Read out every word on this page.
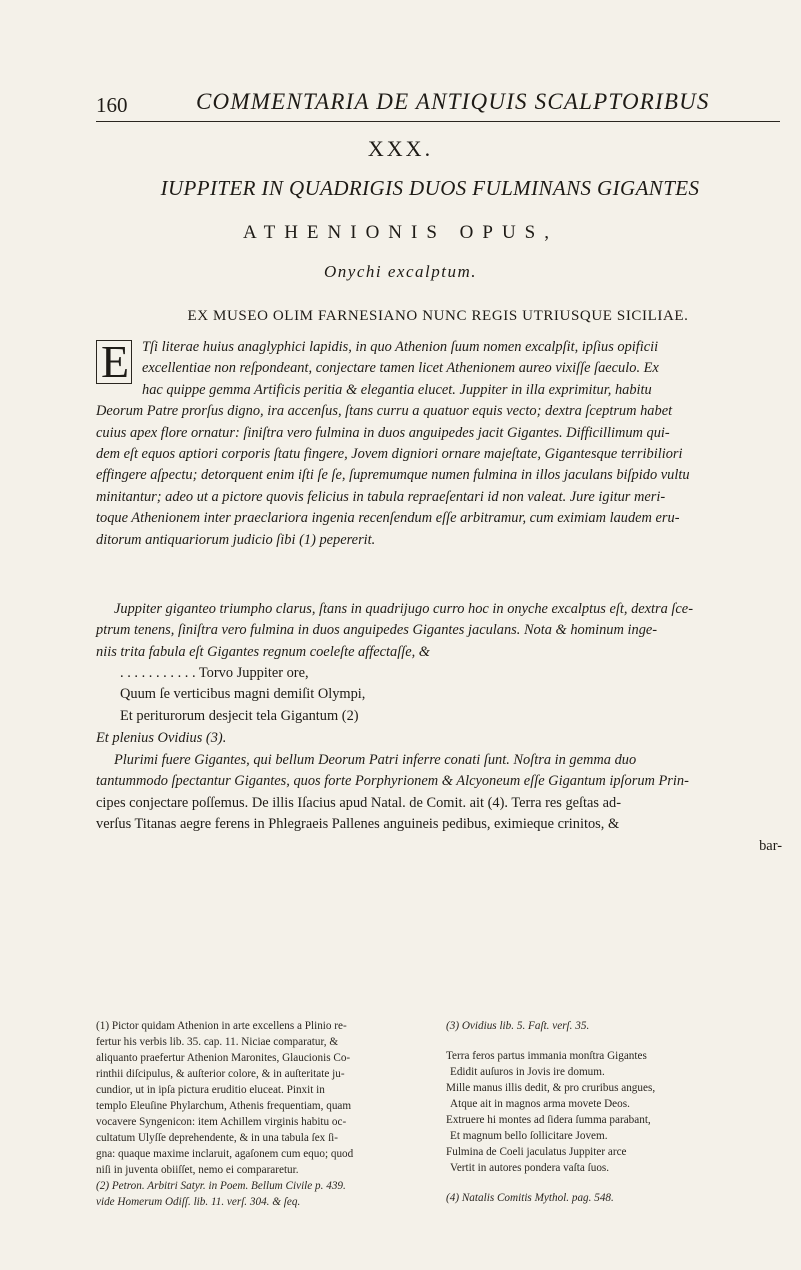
160	COMMENTARIA DE ANTIQUIS SCALPTORIBUS
XXX.
IUPPITER IN QUADRIGIS DUOS FULMINANS GIGANTES
ATHENIONIS OPUS,
Onychi excalptum.
EX MUSEO OLIM FARNESIANO NUNC REGIS UTRIUSQUE SICILIAE.
E Tſi literae huius anaglyphici lapidis, in quo Athenion ſuum nomen excalpſit, ipſius opificii
excellentiae non reſpondeant, conjectare tamen licet Athenionem aureo vixiſſe ſaeculo. Ex
hac quippe gemma Artificis peritia & elegantia elucet. Juppiter in illa exprimitur, habitu
Deorum Patre prorſus digno, ira accenſus, ſtans curru a quatuor equis vecto; dextra ſceptrum habet
cuius apex flore ornatur: ſiniſtra vero fulmina in duos anguipedes jacit Gigantes. Difficillimum qui-
dem eſt equos aptiori corporis ſtatu fingere, Jovem digniori ornare majeſtate, Gigantesque terribiliori
effingere aſpectu; detorquent enim iſti ſe ſe, ſupremumque numen fulmina in illos jaculans biſpido vultu
minitantur; adeo ut a pictore quovis felicius in tabula repraeſentari id non valeat. Jure igitur meri-
toque Athenionem inter praeclariora ingenia recenſendum eſſe arbitramur, cum eximiam laudem eru-
ditorum antiquariorum judicio ſibi (1) pepererit.
Juppiter giganteo triumpho clarus, ſtans in quadrijugo curro hoc in onyche excalptus eſt, dextra ſce-
ptrum tenens, ſiniſtra vero fulmina in duos anguipedes Gigantes jaculans. Nota & hominum inge-
niis trita fabula eſt Gigantes regnum coeleſte affectaſſe, &
. . . . . . . . . . . Torvo Juppiter ore,
Quum ſe verticibus magni demiſit Olympi,
Et periturorum desjecit tela Gigantum (2)
Et plenius Ovidius (3).
Plurimi fuere Gigantes, qui bellum Deorum Patri inferre conati ſunt. Noſtra in gemma duo
tantummodo ſpectantur Gigantes, quos forte Porphyrionem & Alcyoneum eſſe Gigantum ipſorum Prin-
cipes conjectare poſſemus. De illis Iſacius apud Natal. de Comit. ait (4). Terra res geſtas ad-
verſus Titanas aegre ferens in Phlegraeis Pallenes anguineis pedibus, eximieque crinitos, &
bar-
(1) Pictor quidam Athenion in arte excellens a Plinio re-
fertur his verbis lib. 35. cap. 11. Niciae comparatur, &
aliquanto praefertur Athenion Maronites, Glaucionis Co-
rinthii diſcipulus, & auſterior colore, & in auſteritate ju-
cundior, ut in ipſa pictura eruditio eluceat. Pinxit in
templo Eleuſine Phylarchum, Athenis frequentiam, quam
vocavere Syngenicon: item Achillem virginis habitu oc-
cultatum Ulyſſe deprehendente, & in una tabula ſex ſi-
gna: quaque maxime inclaruit, agaſonem cum equo; quod
niſi in juventa obiiſſet, nemo ei compararetur.
(2) Petron. Arbitri Satyr. in Poem. Bellum Civile p. 439.
vide Homerum Odiſſ. lib. 11. verſ. 304. & ſeq.
(3) Ovidius lib. 5. Faſt. verſ. 35.
Terra feros partus immania monſtra Gigantes
Edidit auſuros in Jovis ire domum.
Mille manus illis dedit, & pro cruribus angues,
Atque ait in magnos arma movete Deos.
Extruere hi montes ad ſidera ſumma parabant,
Et magnum bello ſollicitare Jovem.
Fulmina de Coeli jaculatus Juppiter arce
Vertit in autores pondera vaſta ſuos.
(4) Natalis Comitis Mythol. pag. 548.
